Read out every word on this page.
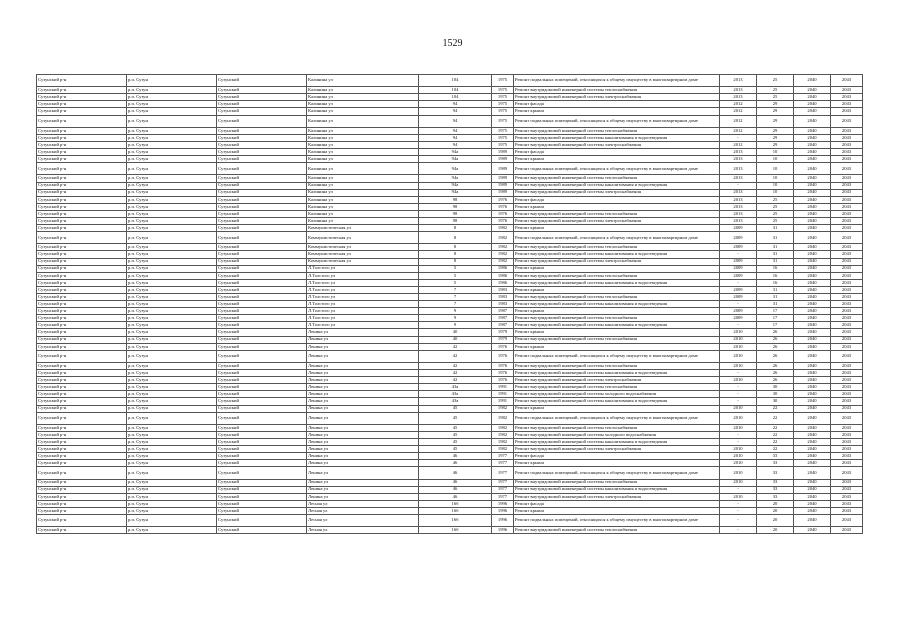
1529
Сузунский р-н	р.п. Сузун	Сузунский	Калинина ул	104	1975	Ремонт подвальных помещений, относящихся к общему имуществу в многоквартирном доме	2013	25	2040	2043
Сузунский р-н	р.п. Сузун	Сузунский	Калинина ул	104	1975	Ремонт внутридомовой инженерной системы теплоснабжения	2013	25	2040	2043
Сузунский р-н	р.п. Сузун	Сузунский	Калинина ул	104	1975	Ремонт внутридомовой инженерной системы электроснабжения	2013	25	2040	2043
Сузунский р-н	р.п. Сузун	Сузунский	Калинина ул	94	1975	Ремонт фасада	2012	29	2040	2043
Сузунский р-н	р.п. Сузун	Сузунский	Калинина ул	94	1975	Ремонт крыши	2012	29	2040	2043
Сузунский р-н	р.п. Сузун	Сузунский	Калинина ул	94	1975	Ремонт подвальных помещений, относящихся к общему имуществу в многоквартирном доме	2012	29	2040	2043
Сузунский р-н	р.п. Сузун	Сузунский	Калинина ул	94	1975	Ремонт внутридомовой инженерной системы теплоснабжения	2012	29	2040	2043
Сузунский р-н	р.п. Сузун	Сузунский	Калинина ул	94	1975	Ремонт внутридомовой инженерной системы канализования и водоотведения	-	29	2040	2043
Сузунский р-н	р.п. Сузун	Сузунский	Калинина ул	94	1975	Ремонт внутридомовой инженерной системы электроснабжения	2012	29	2040	2043
Сузунский р-н	р.п. Сузун	Сузунский	Калинина ул	94а	1989	Ремонт фасада	2013	10	2040	2043
Сузунский р-н	р.п. Сузун	Сузунский	Калинина ул	94а	1989	Ремонт крыши	2013	10	2040	2043
Сузунский р-н	р.п. Сузун	Сузунский	Калинина ул	94а	1989	Ремонт подвальных помещений, относящихся к общему имуществу в многоквартирном доме	2013	10	2040	2043
Сузунский р-н	р.п. Сузун	Сузунский	Калинина ул	94а	1989	Ремонт внутридомовой инженерной системы теплоснабжения	2013	10	2040	2043
Сузунский р-н	р.п. Сузун	Сузунский	Калинина ул	94а	1989	Ремонт внутридомовой инженерной системы канализования и водоотведения	-	10	2040	2043
Сузунский р-н	р.п. Сузун	Сузунский	Калинина ул	94а	1989	Ремонт внутридомовой инженерной системы электроснабжения	2013	10	2040	2043
Сузунский р-н	р.п. Сузун	Сузунский	Калинина ул	98	1976	Ремонт фасада	2013	25	2040	2043
Сузунский р-н	р.п. Сузун	Сузунский	Калинина ул	98	1976	Ремонт крыши	2013	25	2040	2043
Сузунский р-н	р.п. Сузун	Сузунский	Калинина ул	98	1976	Ремонт внутридомовой инженерной системы теплоснабжения	2013	25	2040	2043
Сузунский р-н	р.п. Сузун	Сузунский	Калинина ул	98	1976	Ремонт внутридомовой инженерной системы электроснабжения	2013	25	2040	2043
Сузунский р-н	р.п. Сузун	Сузунский	Коммунистическая ул	8	1982	Ремонт крыши	2009	31	2040	2043
Сузунский р-н	р.п. Сузун	Сузунский	Коммунистическая ул	8	1982	Ремонт подвальных помещений, относящихся к общему имуществу в многоквартирном доме	2009	31	2040	2043
Сузунский р-н	р.п. Сузун	Сузунский	Коммунистическая ул	8	1982	Ремонт внутридомовой инженерной системы теплоснабжения	2009	31	2040	2043
Сузунский р-н	р.п. Сузун	Сузунский	Коммунистическая ул	8	1982	Ремонт внутридомовой инженерной системы канализования и водоотведения	-	31	2040	2043
Сузунский р-н	р.п. Сузун	Сузунский	Коммунистическая ул	8	1982	Ремонт внутридомовой инженерной системы электроснабжения	2009	31	2040	2043
Сузунский р-н	р.п. Сузун	Сузунский	Л.Толстого ул	5	1986	Ремонт крыши	2009	16	2040	2043
Сузунский р-н	р.п. Сузун	Сузунский	Л.Толстого ул	5	1986	Ремонт внутридомовой инженерной системы теплоснабжения	2009	16	2040	2043
Сузунский р-н	р.п. Сузун	Сузунский	Л.Толстого ул	5	1986	Ремонт внутридомовой инженерной системы канализования и водоотведения	-	16	2040	2043
Сузунский р-н	р.п. Сузун	Сузунский	Л.Толстого ул	7	1983	Ремонт крыши	2009	31	2040	2043
Сузунский р-н	р.п. Сузун	Сузунский	Л.Толстого ул	7	1983	Ремонт внутридомовой инженерной системы теплоснабжения	2009	31	2040	2043
Сузунский р-н	р.п. Сузун	Сузунский	Л.Толстого ул	7	1983	Ремонт внутридомовой инженерной системы канализования и водоотведения	-	31	2040	2043
Сузунский р-н	р.п. Сузун	Сузунский	Л.Толстого ул	9	1987	Ремонт крыши	2009	17	2040	2043
Сузунский р-н	р.п. Сузун	Сузунский	Л.Толстого ул	9	1987	Ремонт внутридомовой инженерной системы теплоснабжения	2009	17	2040	2043
Сузунский р-н	р.п. Сузун	Сузунский	Л.Толстого ул	9	1987	Ремонт внутридомовой инженерной системы канализования и водоотведения	-	17	2040	2043
Сузунский р-н	р.п. Сузун	Сузунский	Ленина ул	40	1979	Ремонт крыши	2010	26	2040	2043
Сузунский р-н	р.п. Сузун	Сузунский	Ленина ул	40	1979	Ремонт внутридомовой инженерной системы теплоснабжения	2010	26	2040	2043
Сузунский р-н	р.п. Сузун	Сузунский	Ленина ул	42	1976	Ремонт крыши	2010	26	2040	2043
Сузунский р-н	р.п. Сузун	Сузунский	Ленина ул	42	1976	Ремонт подвальных помещений, относящихся к общему имуществу в многоквартирном доме	2010	26	2040	2043
Сузунский р-н	р.п. Сузун	Сузунский	Ленина ул	42	1976	Ремонт внутридомовой инженерной системы теплоснабжения	2010	26	2040	2043
Сузунский р-н	р.п. Сузун	Сузунский	Ленина ул	42	1976	Ремонт внутридомовой инженерной системы канализования и водоотведения	-	26	2040	2043
Сузунский р-н	р.п. Сузун	Сузунский	Ленина ул	42	1976	Ремонт внутридомовой инженерной системы электроснабжения	2010	26	2040	2043
Сузунский р-н	р.п. Сузун	Сузунский	Ленина ул	43а	1991	Ремонт внутридомовой инженерной системы теплоснабжения	-	30	2040	2043
Сузунский р-н	р.п. Сузун	Сузунский	Ленина ул	43а	1991	Ремонт внутридомовой инженерной системы холодного водоснабжения	-	30	2040	2043
Сузунский р-н	р.п. Сузун	Сузунский	Ленина ул	43а	1991	Ремонт внутридомовой инженерной системы канализования и водоотведения	-	30	2040	2043
Сузунский р-н	р.п. Сузун	Сузунский	Ленина ул	45	1982	Ремонт крыши	2010	22	2040	2043
Сузунский р-н	р.п. Сузун	Сузунский	Ленина ул	45	1982	Ремонт подвальных помещений, относящихся к общему имуществу в многоквартирном доме	2010	22	2040	2043
Сузунский р-н	р.п. Сузун	Сузунский	Ленина ул	45	1982	Ремонт внутридомовой инженерной системы теплоснабжения	2010	22	2040	2043
Сузунский р-н	р.п. Сузун	Сузунский	Ленина ул	45	1982	Ремонт внутридомовой инженерной системы холодного водоснабжения	-	22	2040	2043
Сузунский р-н	р.п. Сузун	Сузунский	Ленина ул	45	1982	Ремонт внутридомовой инженерной системы канализования и водоотведения	-	22	2040	2043
Сузунский р-н	р.п. Сузун	Сузунский	Ленина ул	45	1982	Ремонт внутридомовой инженерной системы электроснабжения	2010	22	2040	2043
Сузунский р-н	р.п. Сузун	Сузунский	Ленина ул	46	1977	Ремонт фасада	2010	33	2040	2043
Сузунский р-н	р.п. Сузун	Сузунский	Ленина ул	46	1977	Ремонт крыши	2010	33	2040	2043
Сузунский р-н	р.п. Сузун	Сузунский	Ленина ул	46	1977	Ремонт подвальных помещений, относящихся к общему имуществу в многоквартирном доме	2010	33	2040	2043
Сузунский р-н	р.п. Сузун	Сузунский	Ленина ул	46	1977	Ремонт внутридомовой инженерной системы теплоснабжения	2010	33	2040	2043
Сузунский р-н	р.п. Сузун	Сузунский	Ленина ул	46	1977	Ремонт внутридомовой инженерной системы канализования и водоотведения	-	33	2040	2043
Сузунский р-н	р.п. Сузун	Сузунский	Ленина ул	46	1977	Ремонт внутридомовой инженерной системы электроснабжения	2010	33	2040	2043
Сузунский р-н	р.п. Сузун	Сузунский	Лесная ул	16б	1996	Ремонт фасада	-	20	2040	2043
Сузунский р-н	р.п. Сузун	Сузунский	Лесная ул	16б	1996	Ремонт крыши	-	20	2040	2043
Сузунский р-н	р.п. Сузун	Сузунский	Лесная ул	16б	1996	Ремонт подвальных помещений, относящихся к общему имуществу в многоквартирном доме	-	20	2040	2043
Сузунский р-н	р.п. Сузун	Сузунский	Лесная ул	16б	1996	Ремонт внутридомовой инженерной системы теплоснабжения	-	20	2040	2043
